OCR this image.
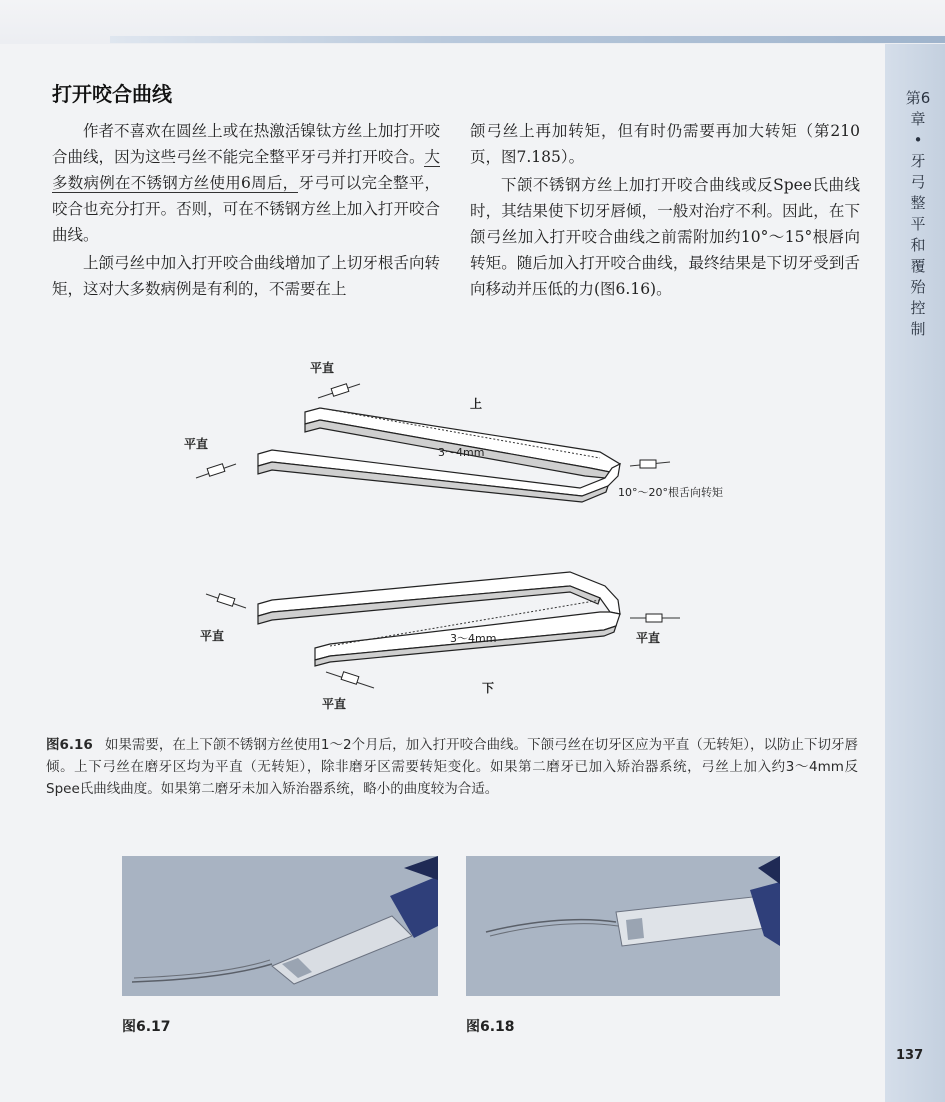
第6章 • 牙弓整平和覆殆控制
打开咬合曲线

作者不喜欢在圆丝上或在热激活镍钛方丝上加打开咬合曲线，因为这些弓丝不能完全整平牙弓并打开咬合。大多数病例在不锈钢方丝使用6周后，牙弓可以完全整平，咬合也充分打开。否则，可在不锈钢方丝上加入打开咬合曲线。

上颌弓丝中加入打开咬合曲线增加了上切牙根舌向转矩，这对大多数病例是有利的，不需要在上

颌弓丝上再加转矩，但有时仍需要再加大转矩（第210页，图7.185）。

下颌不锈钢方丝上加打开咬合曲线或反Spee氏曲线时，其结果使下切牙唇倾，一般对治疗不利。因此，在下颌弓丝加入打开咬合曲线之前需附加约10°～15°根唇向转矩。随后加入打开咬合曲线，最终结果是下切牙受到舌向移动并压低的力(图6.16)。

平直
平直
上
3～4mm
10°～20°根舌向转矩
平直	平直
平直
下
3～4mm
图6.16 如果需要，在上下颌不锈钢方丝使用1～2个月后，加入打开咬合曲线。下颌弓丝在切牙区应为平直（无转矩），以防止下切牙唇倾。上下弓丝在磨牙区均为平直（无转矩），除非磨牙区需要转矩变化。如果第二磨牙已加入矫治器系统，弓丝上加入约3～4mm反Spee氏曲线曲度。如果第二磨牙未加入矫治器系统，略小的曲度较为合适。
图6.17	图6.18
137
